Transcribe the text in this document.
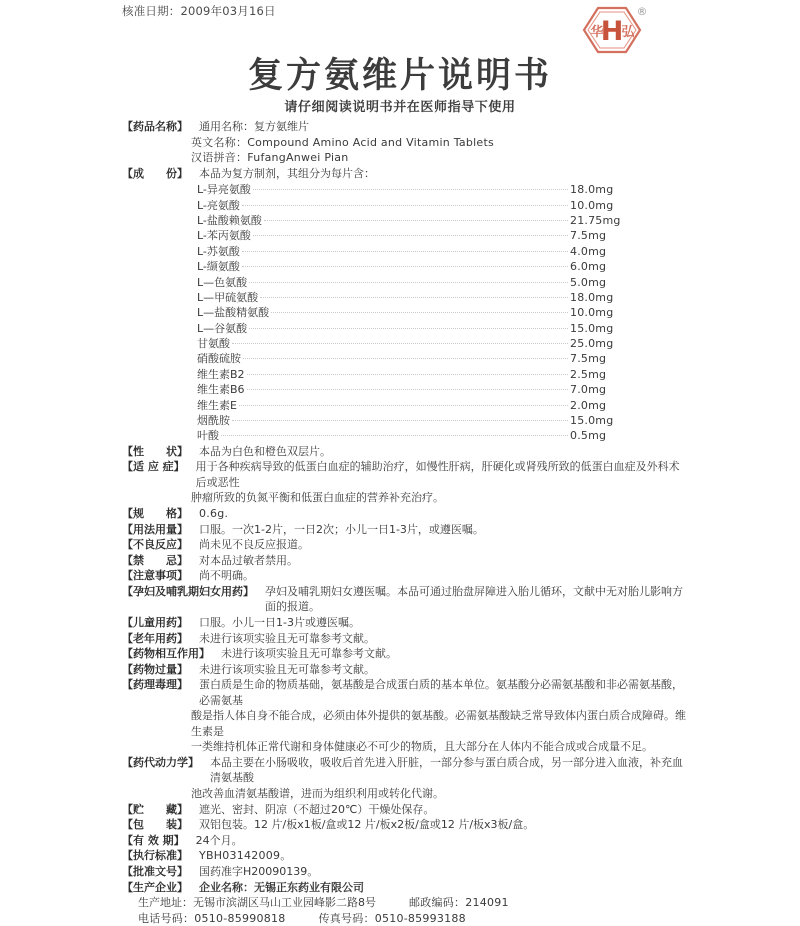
核准日期：2009年03月16日
华
H
弘
®
复方氨维片说明书
请仔细阅读说明书并在医师指导下使用
【药品名称】	通用名称：复方氨维片
英文名称：Compound Amino Acid and Vitamin Tablets
汉语拼音：FufangAnwei Pian
【成　　份】	本品为复方制剂，其组分为每片含：
L-异亮氨酸	18.0mg
L-亮氨酸	10.0mg
L-盐酸赖氨酸	21.75mg
L-苯丙氨酸	7.5mg
L-苏氨酸	4.0mg
L-缬氨酸	6.0mg
L—色氨酸	5.0mg
L—甲硫氨酸	18.0mg
L—盐酸精氨酸	10.0mg
L—谷氨酸	15.0mg
甘氨酸	25.0mg
硝酸硫胺	7.5mg
维生素B2	2.5mg
维生素B6	7.0mg
维生素E	2.0mg
烟酰胺	15.0mg
叶酸	0.5mg
【性　　状】	本品为白色和橙色双层片。
【适 应 症】	用于各种疾病导致的低蛋白血症的辅助治疗，如慢性肝病，肝硬化或肾残所致的低蛋白血症及外科术后或恶性
肿瘤所致的负氮平衡和低蛋白血症的营养补充治疗。
【规　　格】	0.6g.
【用法用量】	口服。一次1-2片，一日2次；小儿一日1-3片，或遵医嘱。
【不良反应】	尚未见不良反应报道。
【禁　　忌】	对本品过敏者禁用。
【注意事项】	尚不明确。
【孕妇及哺乳期妇女用药】	孕妇及哺乳期妇女遵医嘱。本品可通过胎盘屏障进入胎儿循环，文献中无对胎儿影响方面的报道。
【儿童用药】	口服。小儿一日1-3片或遵医嘱。
【老年用药】	未进行该项实验且无可靠参考文献。
【药物相互作用】	未进行该项实验且无可靠参考文献。
【药物过量】	未进行该项实验且无可靠参考文献。
【药理毒理】	蛋白质是生命的物质基础，氨基酸是合成蛋白质的基本单位。氨基酸分必需氨基酸和非必需氨基酸，必需氨基
酸是指人体自身不能合成，必须由体外提供的氨基酸。必需氨基酸缺乏常导致体内蛋白质合成障碍。维生素是
一类维持机体正常代谢和身体健康必不可少的物质，且大部分在人体内不能合成或合成量不足。
【药代动力学】	本品主要在小肠吸收，吸收后首先进入肝脏，一部分参与蛋白质合成，另一部分进入血液，补充血清氨基酸
池改善血清氨基酸谱，进而为组织利用或转化代谢。
【贮　　藏】	遮光、密封、阴凉（不超过20℃）干燥处保存。
【包　　装】	双铝包装。12 片/板x1板/盒或12 片/板x2板/盒或12 片/板x3板/盒。
【有 效 期】	24个月。
【执行标准】	YBH03142009。
【批准文号】	国药准字H20090139。
【生产企业】	企业名称：无锡正东药业有限公司
生产地址：无锡市滨湖区马山工业园峰影二路8号	邮政编码：214091
电话号码：0510-85990818	传真号码：0510-85993188
